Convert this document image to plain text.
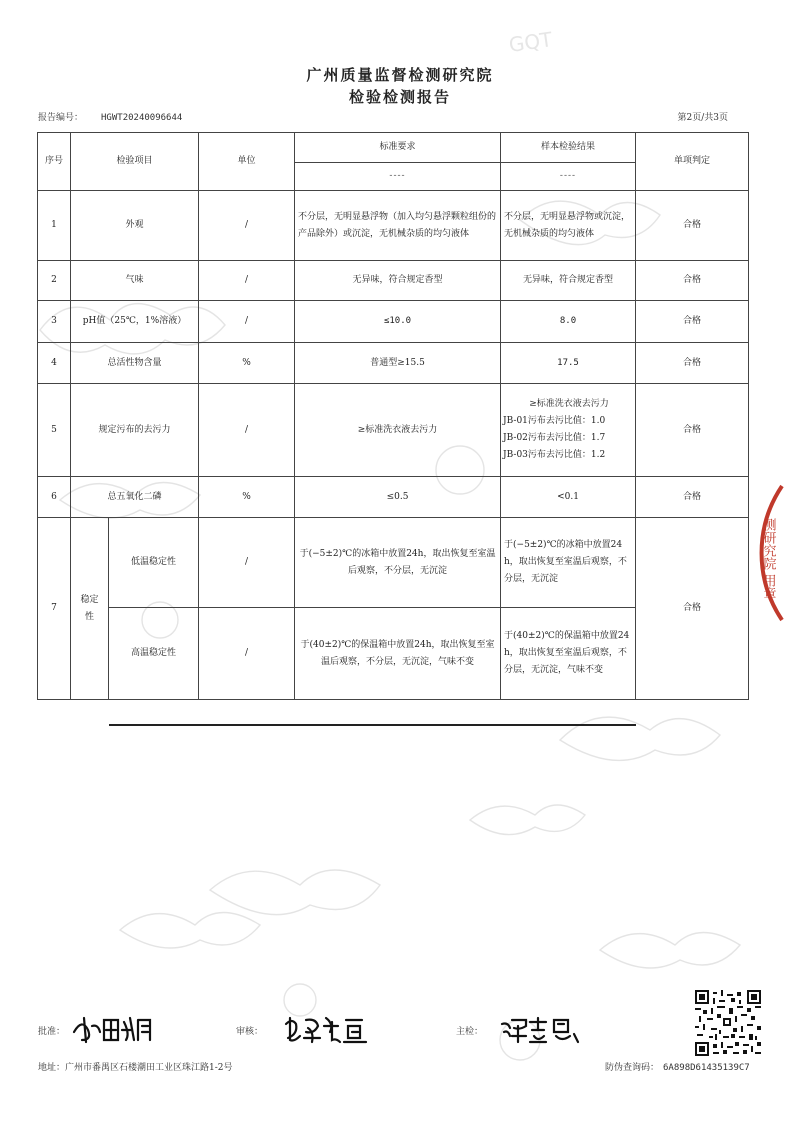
GQT
广州质量监督检测研究院
检验检测报告
报告编号： HGWT20240096644	第2页/共3页
序号	检验项目		单位	标准要求	样本检验结果	单项判定
				----	----	
1	外观		/	不分层，无明显悬浮物（加入均匀悬浮颗粒组份的产品除外）或沉淀，无机械杂质的均匀液体	不分层，无明显悬浮物或沉淀，无机械杂质的均匀液体	合格
2	气味		/	无异味，符合规定香型	无异味，符合规定香型	合格
3	pH值（25℃，1%溶液）		/	≤10.0	8.0	合格
4	总活性物含量		%	普通型≥15.5	17.5	合格
5	规定污布的去污力		/	≥标准洗衣液去污力	≥标准洗衣液去污力
JB-01污布去污比值：1.0
JB-02污布去污比值：1.7
JB-03污布去污比值：1.2	合格
6	总五氧化二磷		%	≤0.5	<0.1	合格
7	稳定性	低温稳定性	/	于(−5±2)℃的冰箱中放置24h，取出恢复至室温后观察，不分层，无沉淀	于(−5±2)℃的冰箱中放置24h，取出恢复至室温后观察，不分层，无沉淀	合格
		高温稳定性	/	于(40±2)℃的保温箱中放置24h，取出恢复至室温后观察，不分层，无沉淀，气味不变	于(40±2)℃的保温箱中放置24h，取出恢复至室温后观察，不分层，无沉淀，气味不变	
测研究院 用章
批准：	审核：	主检：
地址：广州市番禺区石楼潮田工业区珠江路1-2号	防伪查询码： 6A898D61435139C7
